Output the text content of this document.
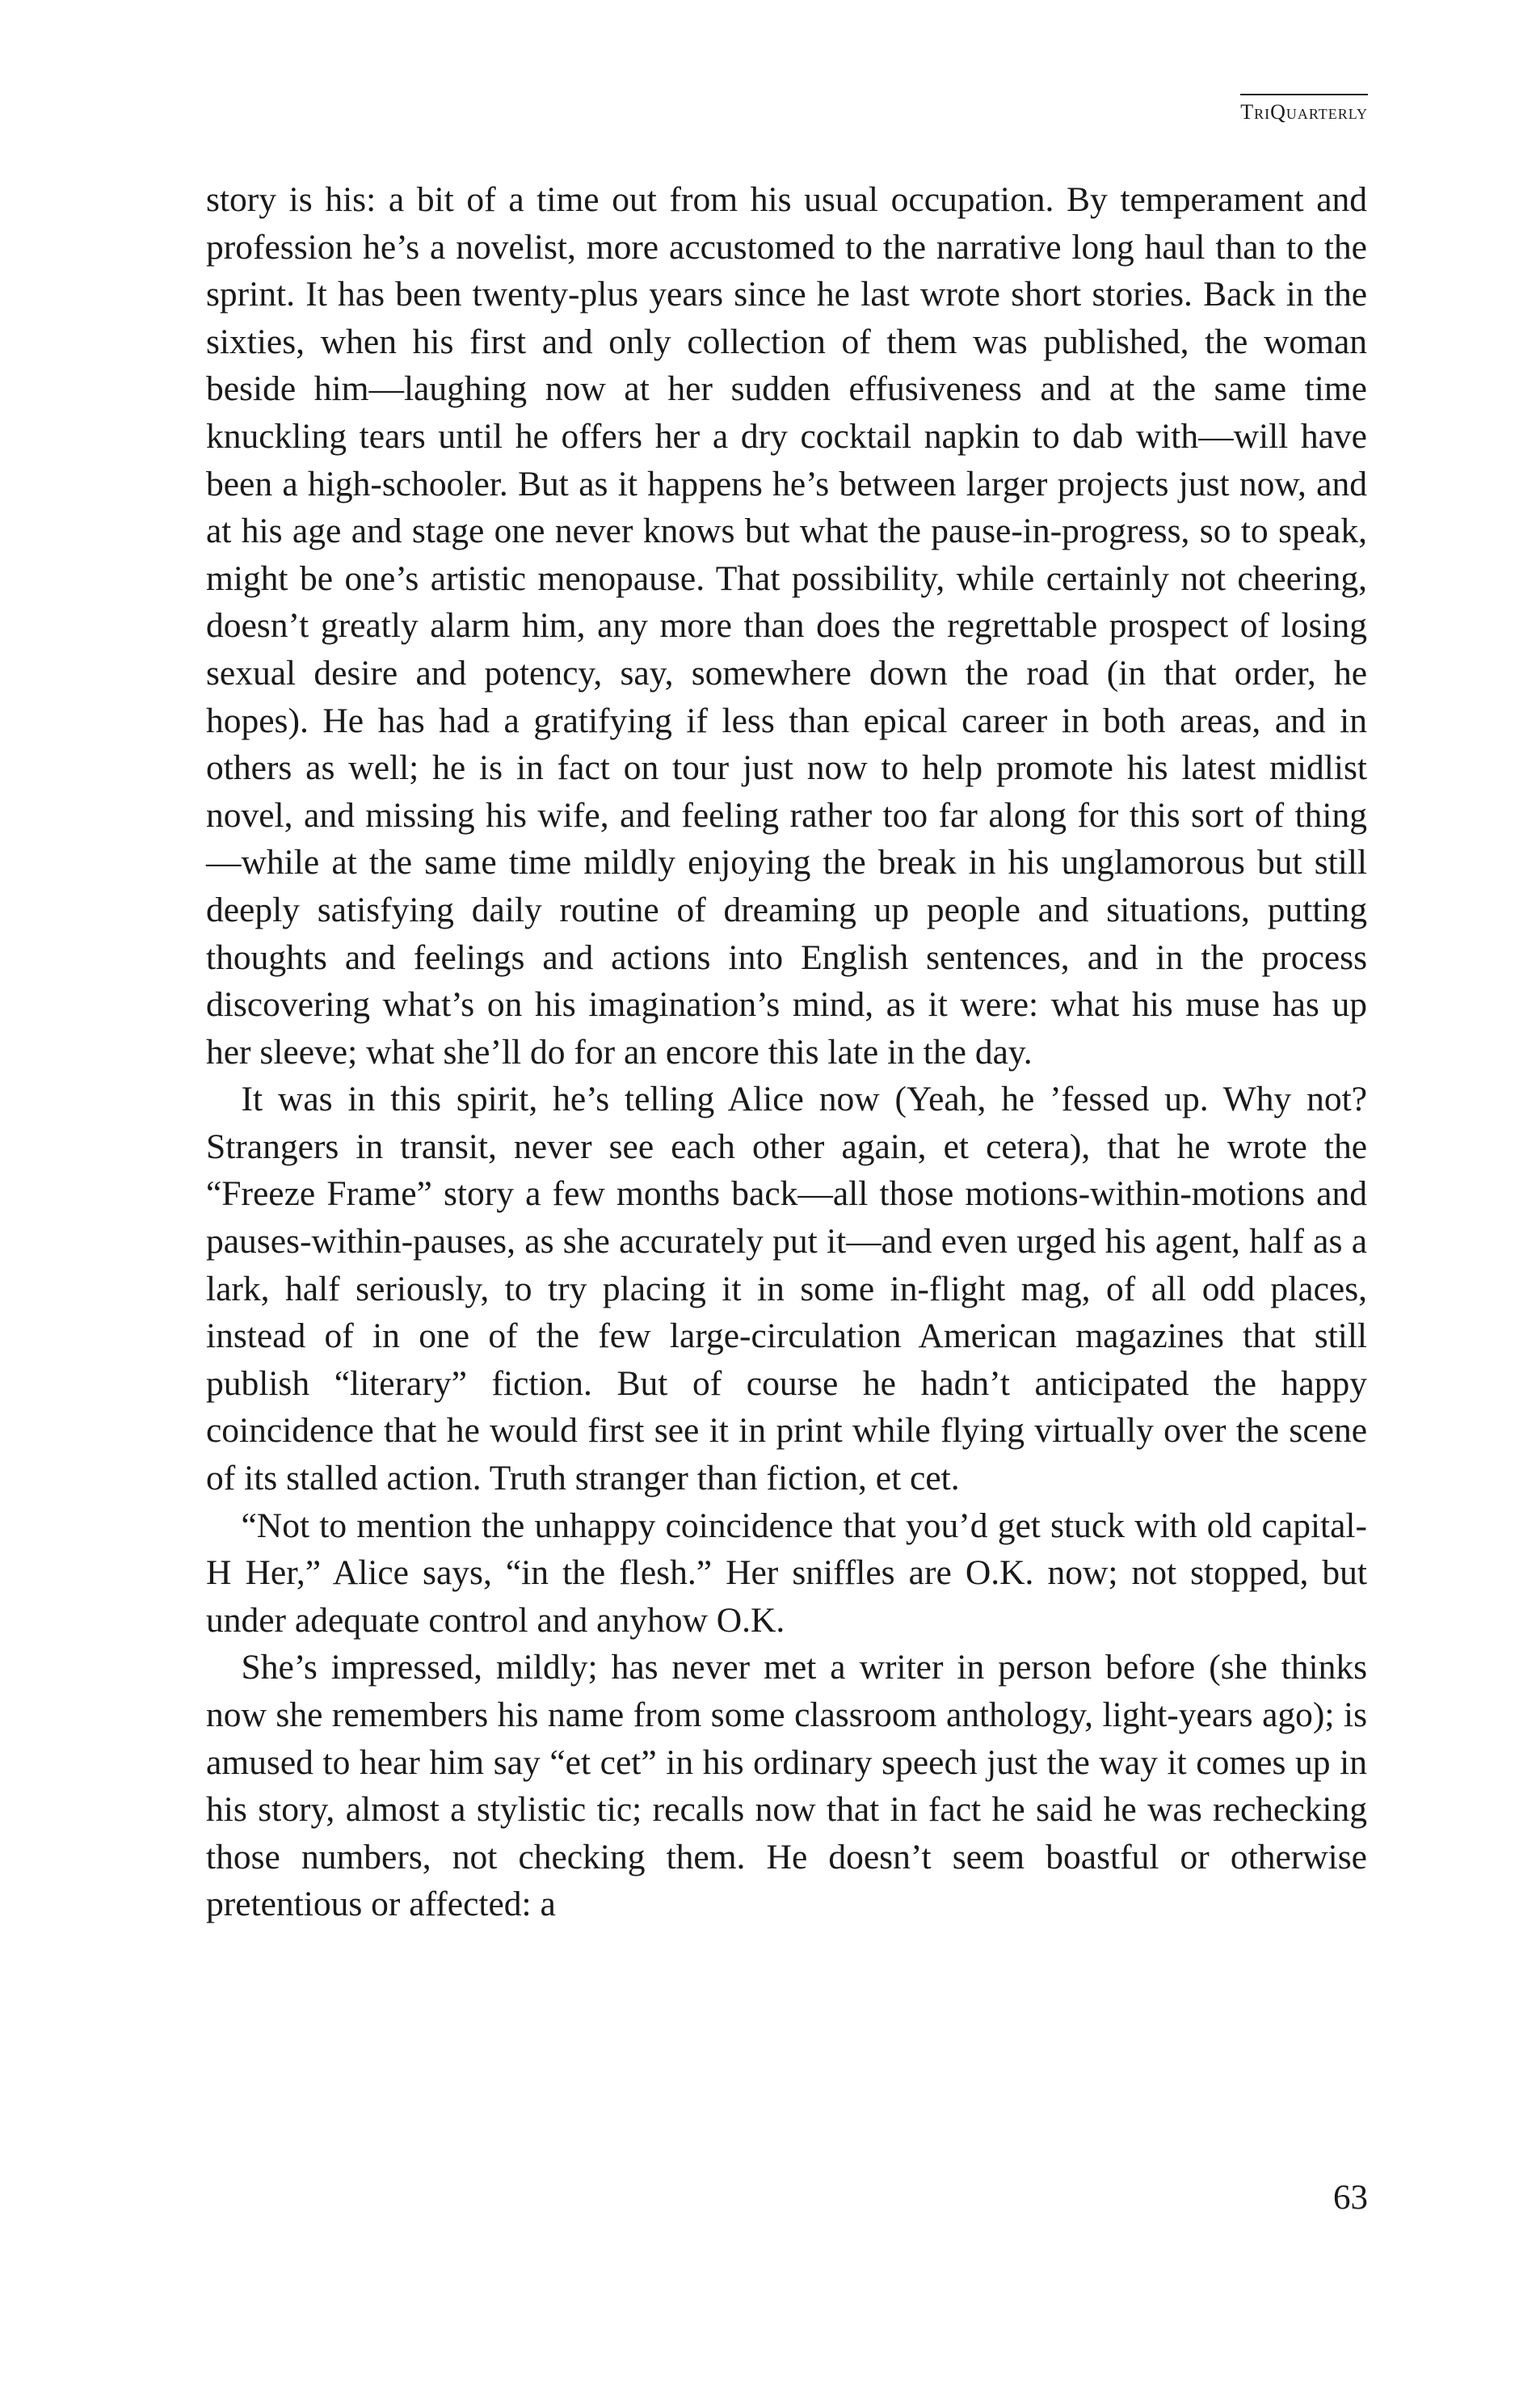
TriQuarterly

story is his: a bit of a time out from his usual occupation. By temperament and profession he’s a novelist, more accustomed to the narrative long haul than to the sprint. It has been twenty-plus years since he last wrote short stories. Back in the sixties, when his first and only collection of them was published, the woman beside him—laughing now at her sudden effusiveness and at the same time knuckling tears until he offers her a dry cocktail napkin to dab with—will have been a high-schooler. But as it happens he’s between larger projects just now, and at his age and stage one never knows but what the pause-in-progress, so to speak, might be one’s artistic menopause. That possibility, while certainly not cheering, doesn’t greatly alarm him, any more than does the regrettable prospect of losing sexual desire and potency, say, somewhere down the road (in that order, he hopes). He has had a gratifying if less than epical career in both areas, and in others as well; he is in fact on tour just now to help promote his latest midlist novel, and missing his wife, and feeling rather too far along for this sort of thing—while at the same time mildly enjoying the break in his unglamorous but still deeply satisfying daily routine of dreaming up people and situations, putting thoughts and feelings and actions into English sentences, and in the process discovering what’s on his imagination’s mind, as it were: what his muse has up her sleeve; what she’ll do for an encore this late in the day.

It was in this spirit, he’s telling Alice now (Yeah, he ’fessed up. Why not? Strangers in transit, never see each other again, et cetera), that he wrote the “Freeze Frame” story a few months back—all those motions-within-motions and pauses-within-pauses, as she accurately put it—and even urged his agent, half as a lark, half seriously, to try placing it in some in-flight mag, of all odd places, instead of in one of the few large-circulation American magazines that still publish “literary” fiction. But of course he hadn’t anticipated the happy coincidence that he would first see it in print while flying virtually over the scene of its stalled action. Truth stranger than fiction, et cet.

“Not to mention the unhappy coincidence that you’d get stuck with old capital-H Her,” Alice says, “in the flesh.” Her sniffles are O.K. now; not stopped, but under adequate control and anyhow O.K.

She’s impressed, mildly; has never met a writer in person before (she thinks now she remembers his name from some classroom anthology, light-years ago); is amused to hear him say “et cet” in his ordinary speech just the way it comes up in his story, almost a stylistic tic; recalls now that in fact he said he was rechecking those numbers, not checking them. He doesn’t seem boastful or otherwise pretentious or affected: a

63
